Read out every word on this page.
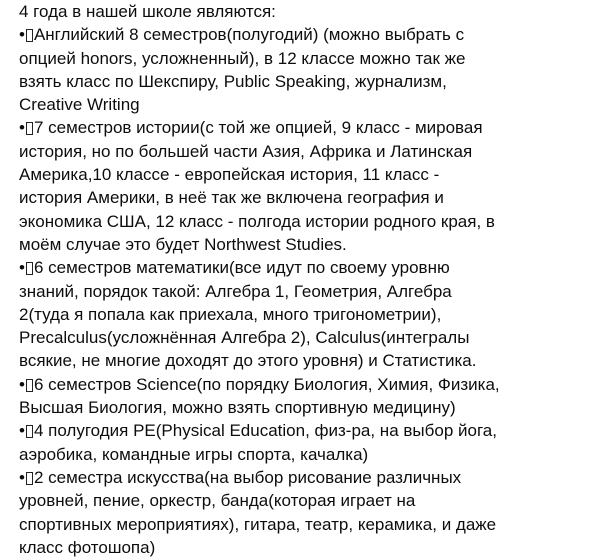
4 года в нашей школе являются:
• Английский 8 семестров(полугодий) (можно выбрать с
опцией honors, усложненный), в 12 классе можно так же
взять класс по Шекспиру, Public Speaking, журнализм,
Creative Writing
• 7 семестров истории(с той же опцией, 9 класс - мировая
история, но по большей части Азия, Африка и Латинская
Америка,10 классе - европейская история, 11 класс -
история Америки, в неё так же включена география и
экономика США, 12 класс - полгода истории родного края, в
моём случае это будет Northwest Studies.
• 6 семестров математики(все идут по своему уровню
знаний, порядок такой: Алгебра 1, Геометрия, Алгебра
2(туда я попала как приехала, много тригонометрии),
Precalculus(усложнённая Алгебра 2), Calculus(интегралы
всякие, не многие доходят до этого уровня) и Статистика.
• 6 семестров Science(по порядку Биология, Химия, Физика,
Высшая Биология, можно взять спортивную медицину)
• 4 полугодия PE(Physical Education, физ-ра, на выбор йога,
аэробика, командные игры спорта, качалка)
• 2 семестра искусства(на выбор рисование различных
уровней, пение, оркестр, банда(которая играет на
спортивных мероприятиях), гитара, театр, керамика, и даже
класс фотошопа)
